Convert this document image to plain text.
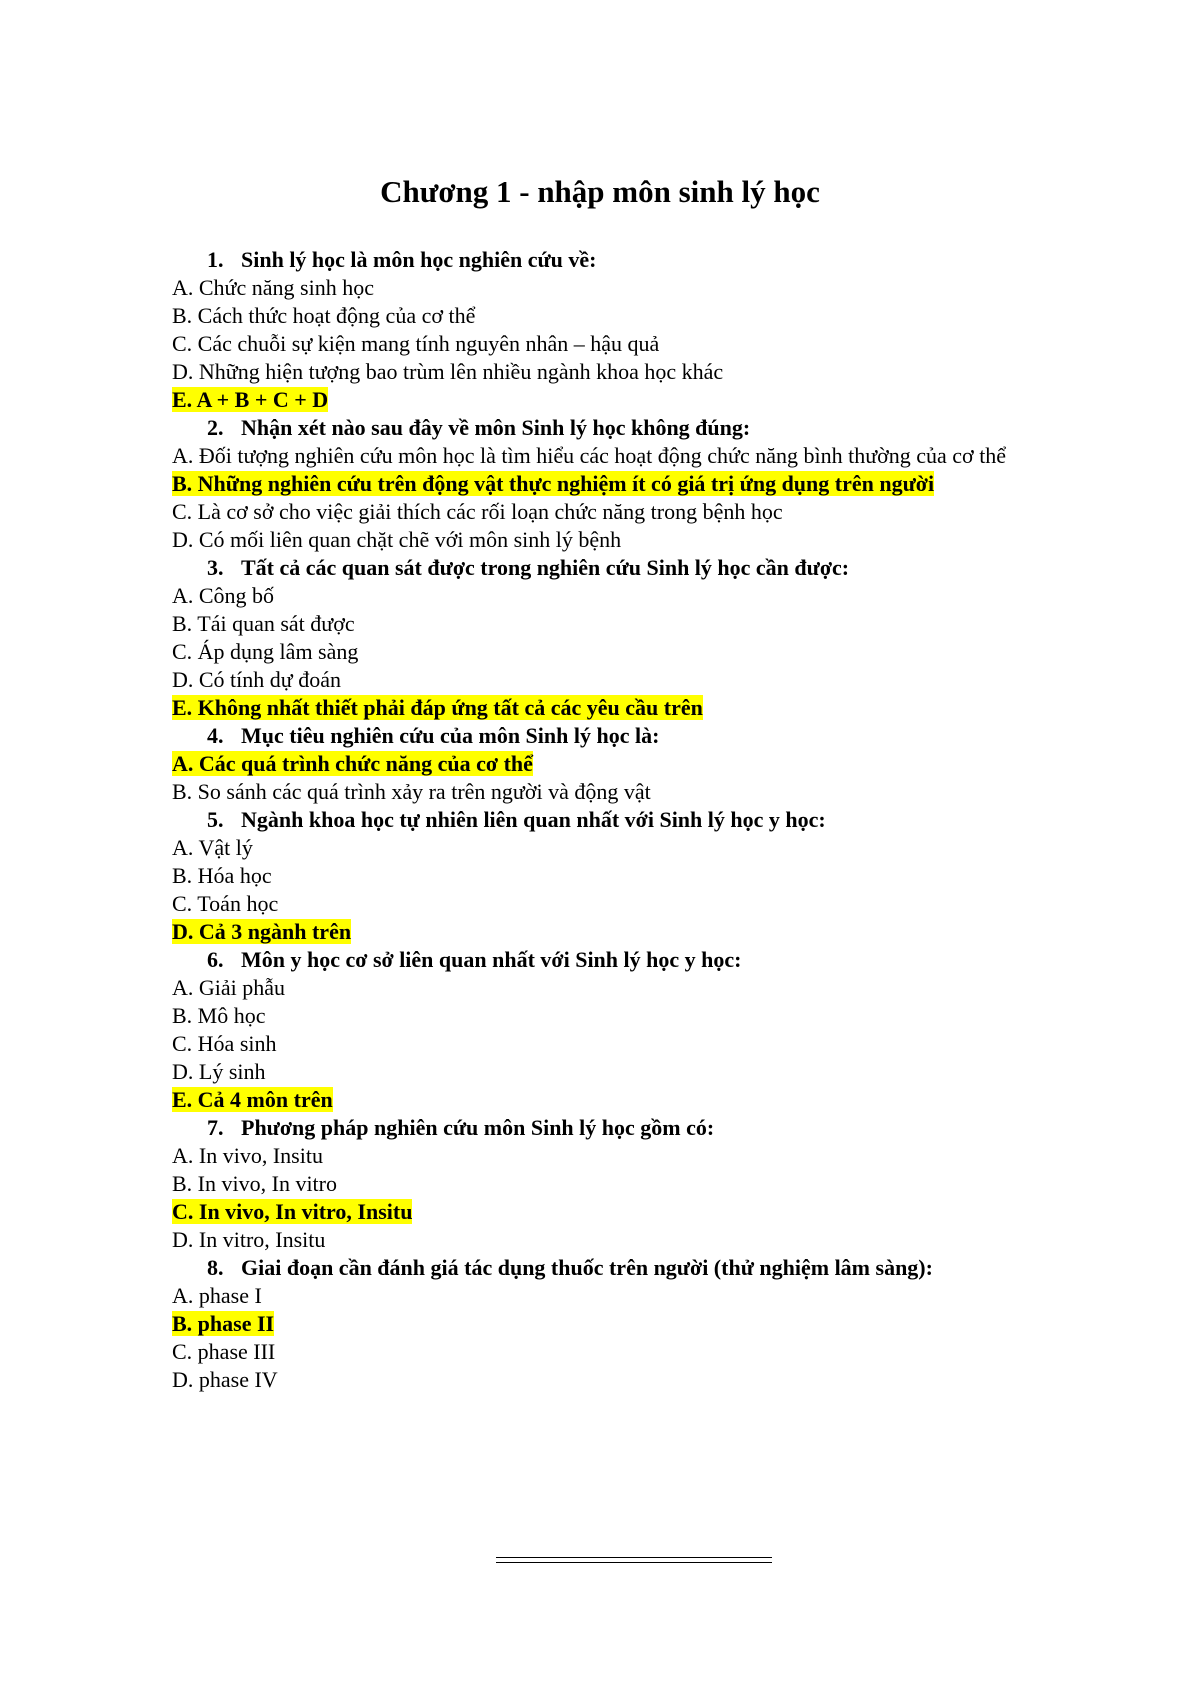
Chương 1 - nhập môn sinh lý học
1. Sinh lý học là môn học nghiên cứu về:
A. Chức năng sinh học
B. Cách thức hoạt động của cơ thể
C. Các chuỗi sự kiện mang tính nguyên nhân – hậu quả
D. Những hiện tượng bao trùm lên nhiều ngành khoa học khác
E. A + B + C + D
2. Nhận xét nào sau đây về môn Sinh lý học không đúng:
A. Đối tượng nghiên cứu môn học là tìm hiểu các hoạt động chức năng bình thường của cơ thể
B. Những nghiên cứu trên động vật thực nghiệm ít có giá trị ứng dụng trên người
C. Là cơ sở cho việc giải thích các rối loạn chức năng trong bệnh học
D. Có mối liên quan chặt chẽ với môn sinh lý bệnh
3. Tất cả các quan sát được trong nghiên cứu Sinh lý học cần được:
A. Công bố
B. Tái quan sát được
C. Áp dụng lâm sàng
D. Có tính dự đoán
E. Không nhất thiết phải đáp ứng tất cả các yêu cầu trên
4. Mục tiêu nghiên cứu của môn Sinh lý học là:
A. Các quá trình chức năng của cơ thể
B. So sánh các quá trình xảy ra trên người và động vật
5. Ngành khoa học tự nhiên liên quan nhất với Sinh lý học y học:
A. Vật lý
B. Hóa học
C. Toán học
D. Cả 3 ngành trên
6. Môn y học cơ sở liên quan nhất với Sinh lý học y học:
A. Giải phẫu
B. Mô học
C. Hóa sinh
D. Lý sinh
E. Cả 4 môn trên
7. Phương pháp nghiên cứu môn Sinh lý học gồm có:
A. In vivo, Insitu
B. In vivo, In vitro
C. In vivo, In vitro, Insitu
D. In vitro, Insitu
8. Giai đoạn cần đánh giá tác dụng thuốc trên người (thử nghiệm lâm sàng):
A. phase I
B. phase II
C. phase III
D. phase IV
